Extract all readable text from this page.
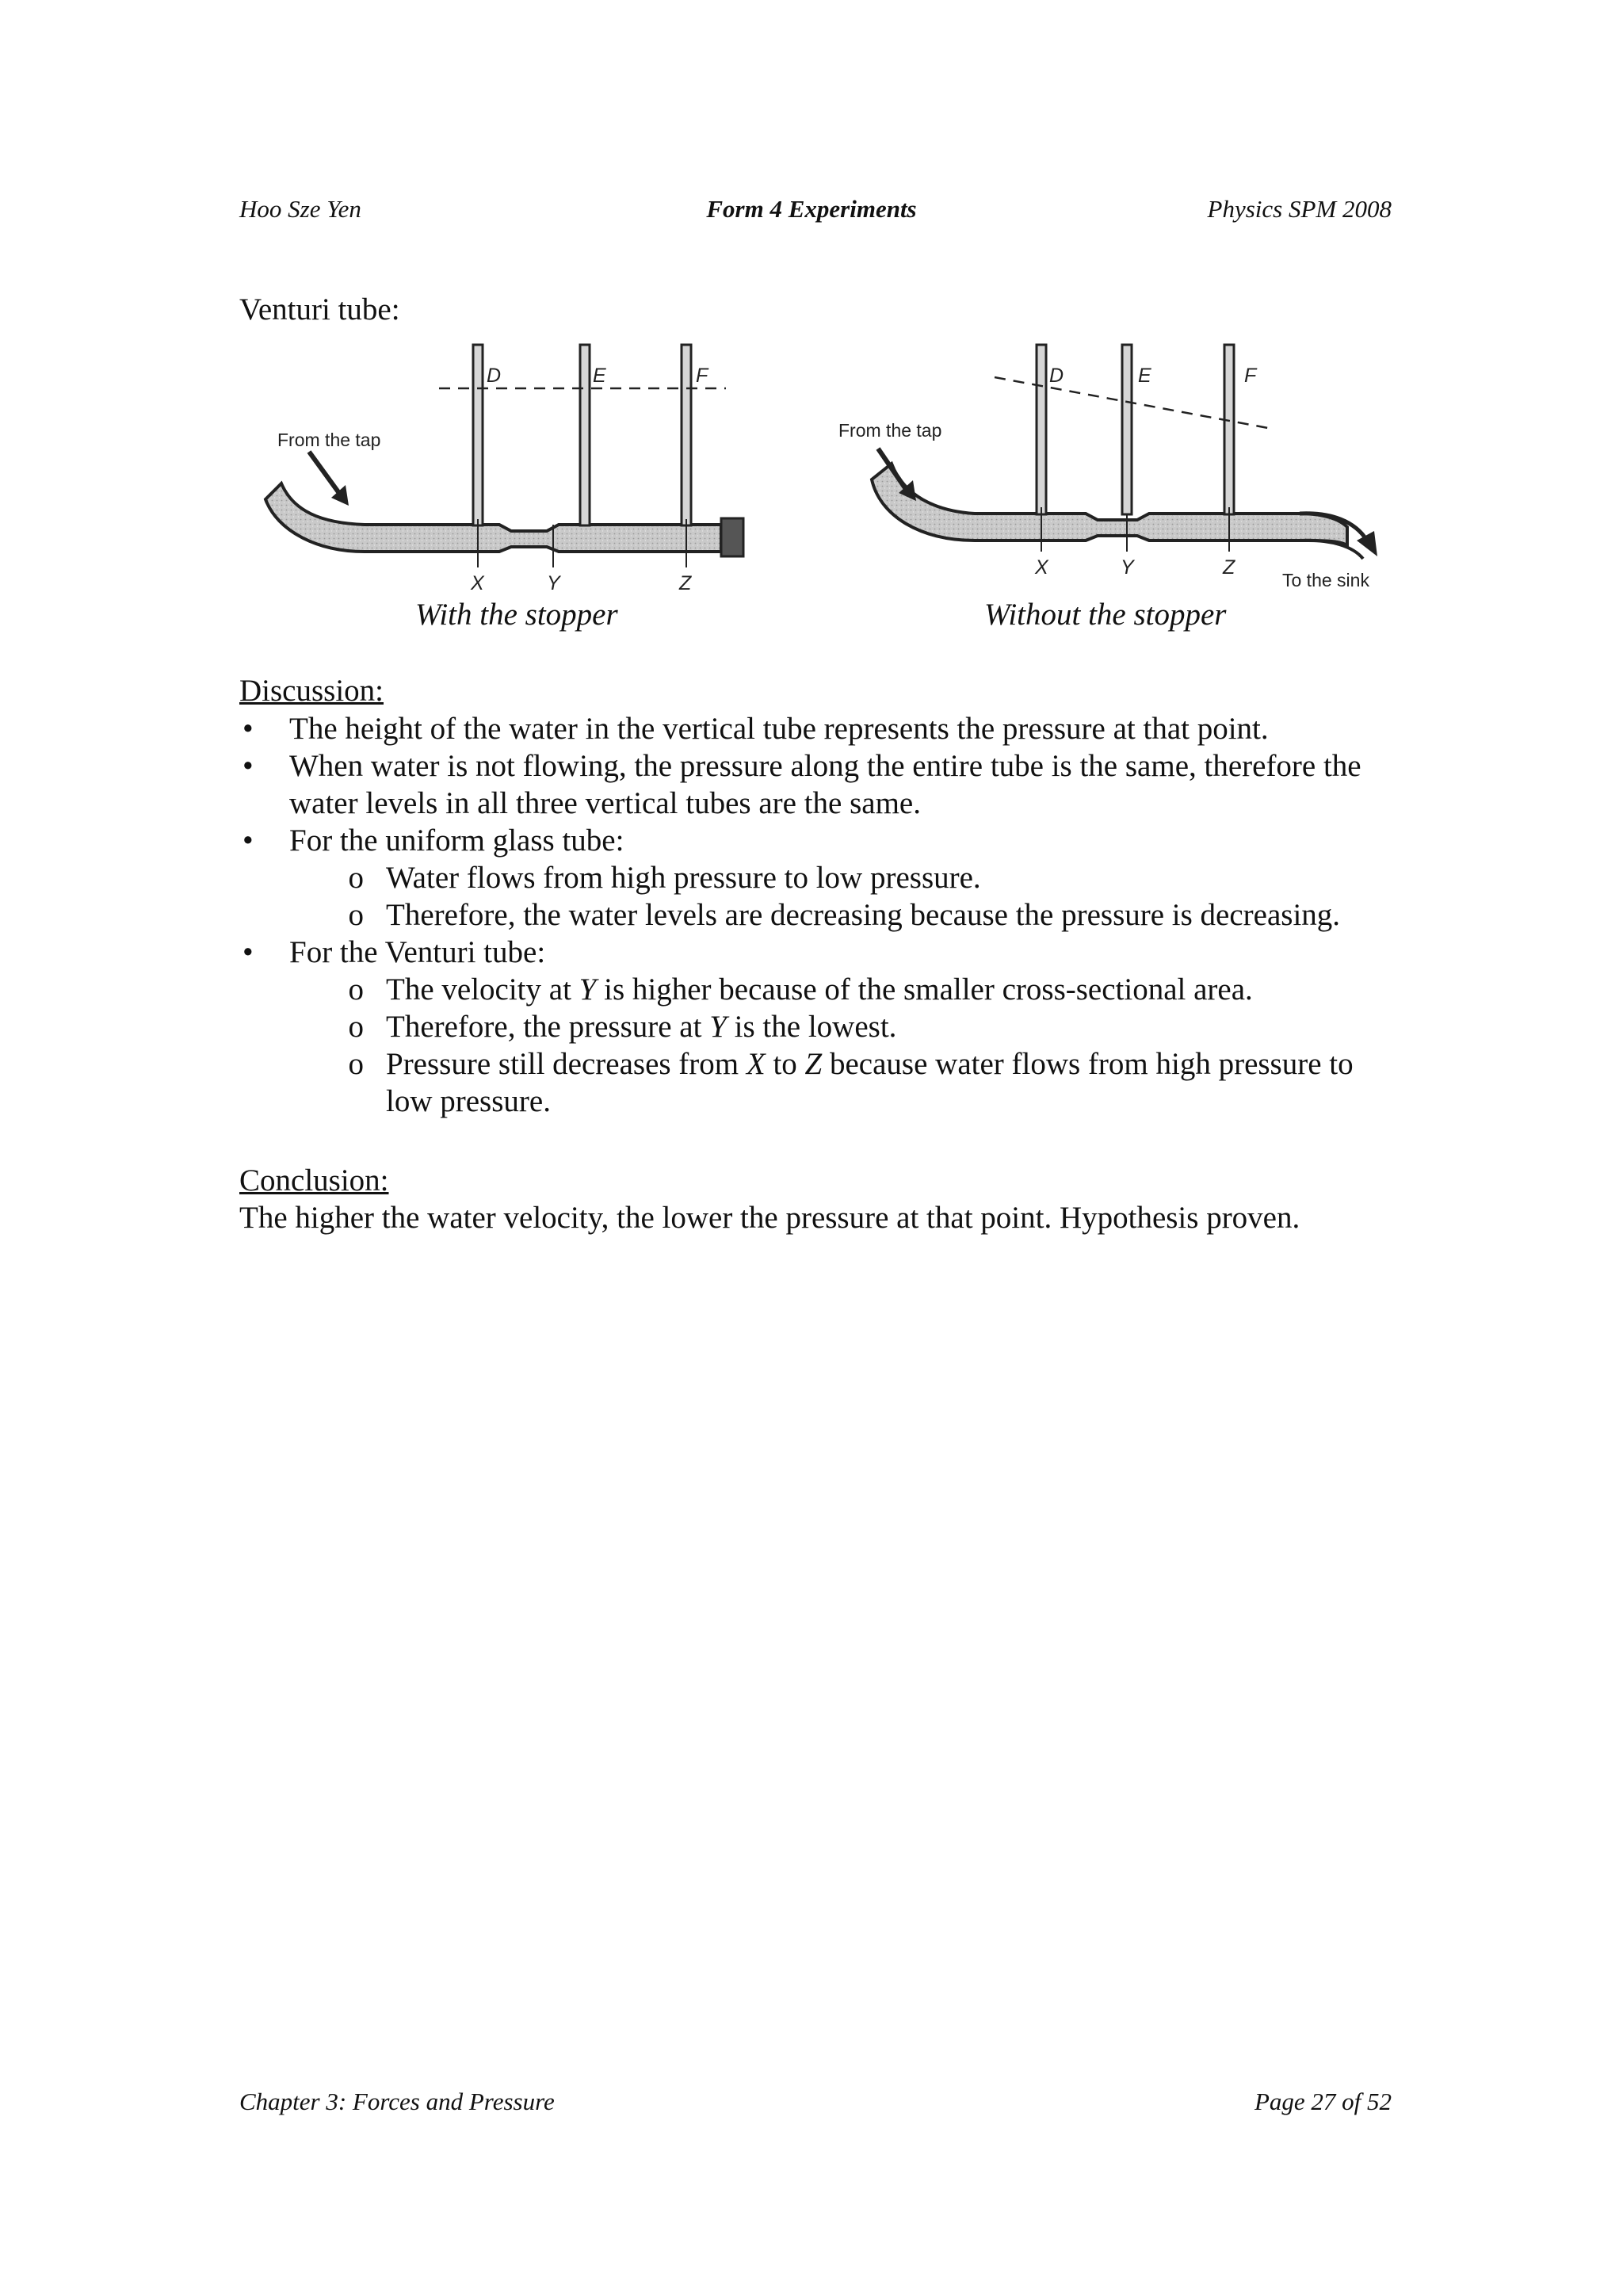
Hoo Sze Yen	Form 4 Experiments	Physics SPM 2008
Venturi tube:
From the tap
D	E	F
X	Y	Z
From the tap
To the sink
D	E	F
X	Y	Z
With the stopper	Without the stopper
Discussion:
• The height of the water in the vertical tube represents the pressure at that point.
• When water is not flowing, the pressure along the entire tube is the same, therefore the water levels in all three vertical tubes are the same.
• For the uniform glass tube:
o Water flows from high pressure to low pressure.
o Therefore, the water levels are decreasing because the pressure is decreasing.
• For the Venturi tube:
o The velocity at Y is higher because of the smaller cross-sectional area.
o Therefore, the pressure at Y is the lowest.
o Pressure still decreases from X to Z because water flows from high pressure to low pressure.
Conclusion:
The higher the water velocity, the lower the pressure at that point. Hypothesis proven.
Chapter 3: Forces and Pressure	Page 27 of 52
